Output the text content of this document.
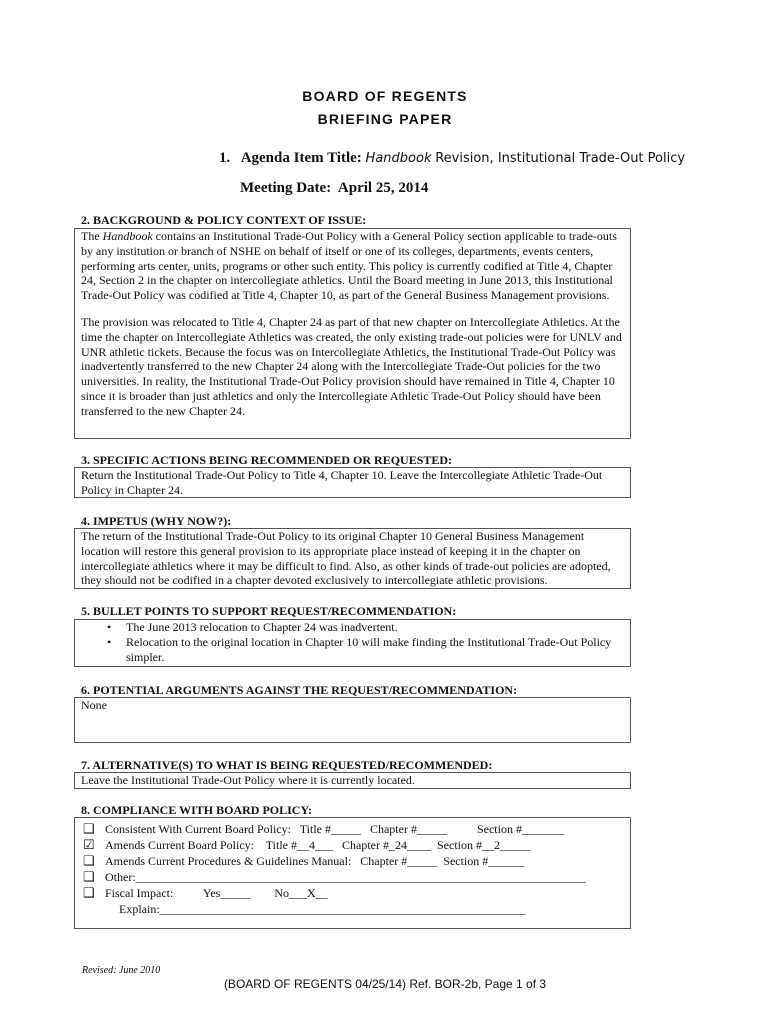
BOARD OF REGENTS
BRIEFING PAPER
1. Agenda Item Title: Handbook Revision, Institutional Trade-Out Policy
Meeting Date: April 25, 2014
2. BACKGROUND & POLICY CONTEXT OF ISSUE:

The Handbook contains an Institutional Trade-Out Policy with a General Policy section applicable to trade-outs by any institution or branch of NSHE on behalf of itself or one of its colleges, departments, events centers, performing arts center, units, programs or other such entity. This policy is currently codified at Title 4, Chapter 24, Section 2 in the chapter on intercollegiate athletics. Until the Board meeting in June 2013, this Institutional Trade-Out Policy was codified at Title 4, Chapter 10, as part of the General Business Management provisions.

The provision was relocated to Title 4, Chapter 24 as part of that new chapter on Intercollegiate Athletics. At the time the chapter on Intercollegiate Athletics was created, the only existing trade-out policies were for UNLV and UNR athletic tickets. Because the focus was on Intercollegiate Athletics, the Institutional Trade-Out Policy was inadvertently transferred to the new Chapter 24 along with the Intercollegiate Trade-Out policies for the two universities. In reality, the Institutional Trade-Out Policy provision should have remained in Title 4, Chapter 10 since it is broader than just athletics and only the Intercollegiate Athletic Trade-Out Policy should have been transferred to the new Chapter 24.

3. SPECIFIC ACTIONS BEING RECOMMENDED OR REQUESTED:

Return the Institutional Trade-Out Policy to Title 4, Chapter 10. Leave the Intercollegiate Athletic Trade-Out Policy in Chapter 24.

4. IMPETUS (WHY NOW?):

The return of the Institutional Trade-Out Policy to its original Chapter 10 General Business Management location will restore this general provision to its appropriate place instead of keeping it in the chapter on intercollegiate athletics where it may be difficult to find. Also, as other kinds of trade-out policies are adopted, they should not be codified in a chapter devoted exclusively to intercollegiate athletic provisions.

5. BULLET POINTS TO SUPPORT REQUEST/RECOMMENDATION:
• The June 2013 relocation to Chapter 24 was inadvertent.
• Relocation to the original location in Chapter 10 will make finding the Institutional Trade-Out Policy simpler.
6. POTENTIAL ARGUMENTS AGAINST THE REQUEST/RECOMMENDATION:

None

7. ALTERNATIVE(S) TO WHAT IS BEING REQUESTED/RECOMMENDED:

Leave the Institutional Trade-Out Policy where it is currently located.

8. COMPLIANCE WITH BOARD POLICY:
❑ Consistent With Current Board Policy:   Title #_____   Chapter #_____          Section #_______
☑ Amends Current Board Policy:    Title #__4___   Chapter #_24____  Section #__2_____
❑ Amends Current Procedures & Guidelines Manual:   Chapter #_____  Section #______
❑ Other:___________________________________________________________________________
❑ Fiscal Impact:          Yes_____        No___X__
Explain:_____________________________________________________________
Revised: June 2010
(BOARD OF REGENTS 04/25/14) Ref. BOR-2b, Page 1 of 3
